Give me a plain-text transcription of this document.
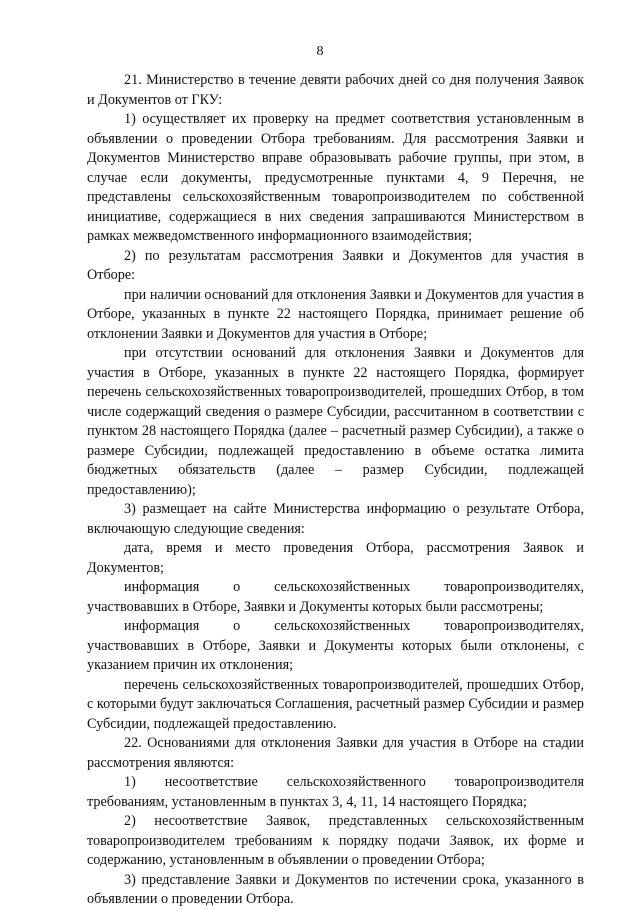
8

21. Министерство в течение девяти рабочих дней со дня получения Заявок и Документов от ГКУ:

1) осуществляет их проверку на предмет соответствия установленным в объявлении о проведении Отбора требованиям. Для рассмотрения Заявки и Документов Министерство вправе образовывать рабочие группы, при этом, в случае если документы, предусмотренные пунктами 4, 9 Перечня, не представлены сельскохозяйственным товаропроизводителем по собственной инициативе, содержащиеся в них сведения запрашиваются Министерством в рамках межведомственного информационного взаимодействия;

2) по результатам рассмотрения Заявки и Документов для участия в Отборе:

при наличии оснований для отклонения Заявки и Документов для участия в Отборе, указанных в пункте 22 настоящего Порядка, принимает решение об отклонении Заявки и Документов для участия в Отборе;

при отсутствии оснований для отклонения Заявки и Документов для участия в Отборе, указанных в пункте 22 настоящего Порядка, формирует перечень сельскохозяйственных товаропроизводителей, прошедших Отбор, в том числе содержащий сведения о размере Субсидии, рассчитанном в соответствии с пунктом 28 настоящего Порядка (далее – расчетный размер Субсидии), а также о размере Субсидии, подлежащей предоставлению в объеме остатка лимита бюджетных обязательств (далее – размер Субсидии, подлежащей предоставлению);

3) размещает на сайте Министерства информацию о результате Отбора, включающую следующие сведения:

дата, время и место проведения Отбора, рассмотрения Заявок и Документов;

информация о сельскохозяйственных товаропроизводителях, участвовавших в Отборе, Заявки и Документы которых были рассмотрены;

информация о сельскохозяйственных товаропроизводителях, участвовавших в Отборе, Заявки и Документы которых были отклонены, с указанием причин их отклонения;

перечень сельскохозяйственных товаропроизводителей, прошедших Отбор, с которыми будут заключаться Соглашения, расчетный размер Субсидии и размер Субсидии, подлежащей предоставлению.

22. Основаниями для отклонения Заявки для участия в Отборе на стадии рассмотрения являются:

1) несоответствие сельскохозяйственного товаропроизводителя требованиям, установленным в пунктах 3, 4, 11, 14 настоящего Порядка;

2) несоответствие Заявок, представленных сельскохозяйственным товаропроизводителем требованиям к порядку подачи Заявок, их форме и содержанию, установленным в объявлении о проведении Отбора;

3) представление Заявки и Документов по истечении срока, указанного в объявлении о проведении Отбора.
